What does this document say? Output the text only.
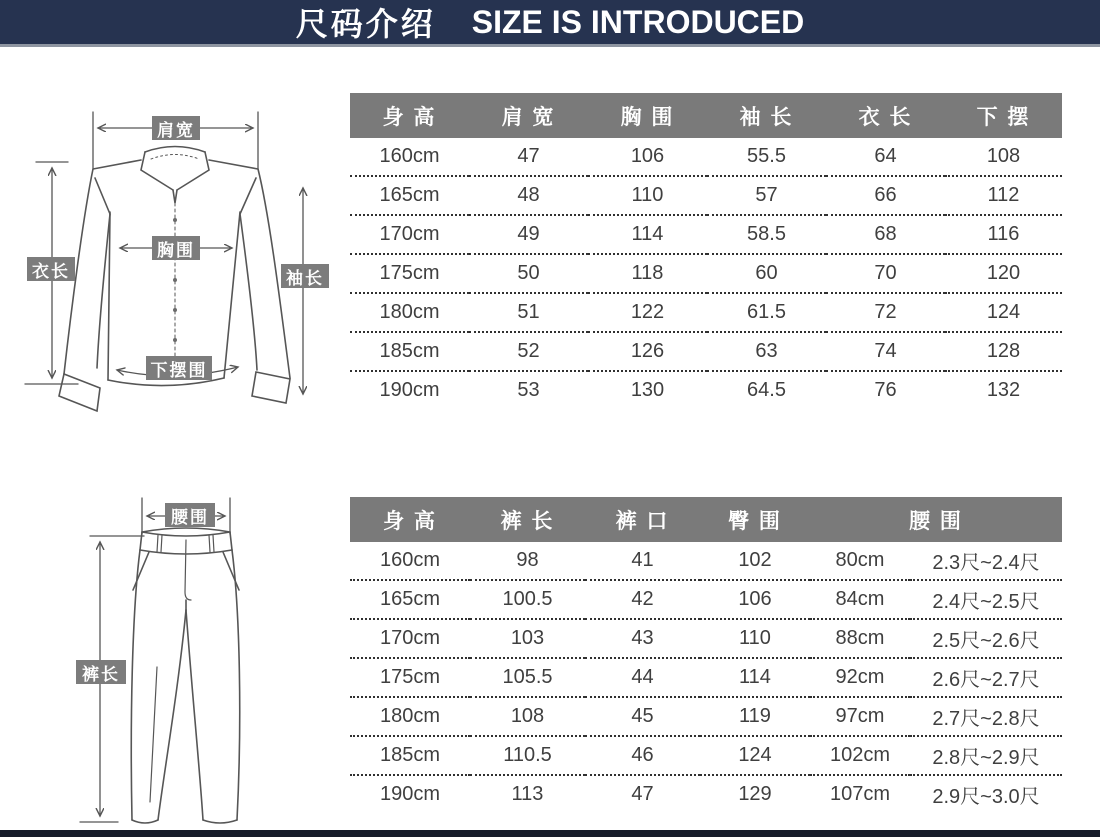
尺码介绍 SIZE IS INTRODUCED
肩宽
胸围
衣长	袖长
下摆围
身 高	肩 宽	胸 围	袖 长	衣 长	下 摆
160cm	47	106	55.5	64	108
165cm	48	110	57	66	112
170cm	49	114	58.5	68	116
175cm	50	118	60	70	120
180cm	51	122	61.5	72	124
185cm	52	126	63	74	128
190cm	53	130	64.5	76	132
腰围
裤长
身 高	裤 长	裤 口	臀 围	腰 围	
160cm	98	41	102	80cm	2.3尺~2.4尺
165cm	100.5	42	106	84cm	2.4尺~2.5尺
170cm	103	43	110	88cm	2.5尺~2.6尺
175cm	105.5	44	114	92cm	2.6尺~2.7尺
180cm	108	45	119	97cm	2.7尺~2.8尺
185cm	110.5	46	124	102cm	2.8尺~2.9尺
190cm	113	47	129	107cm	2.9尺~3.0尺
